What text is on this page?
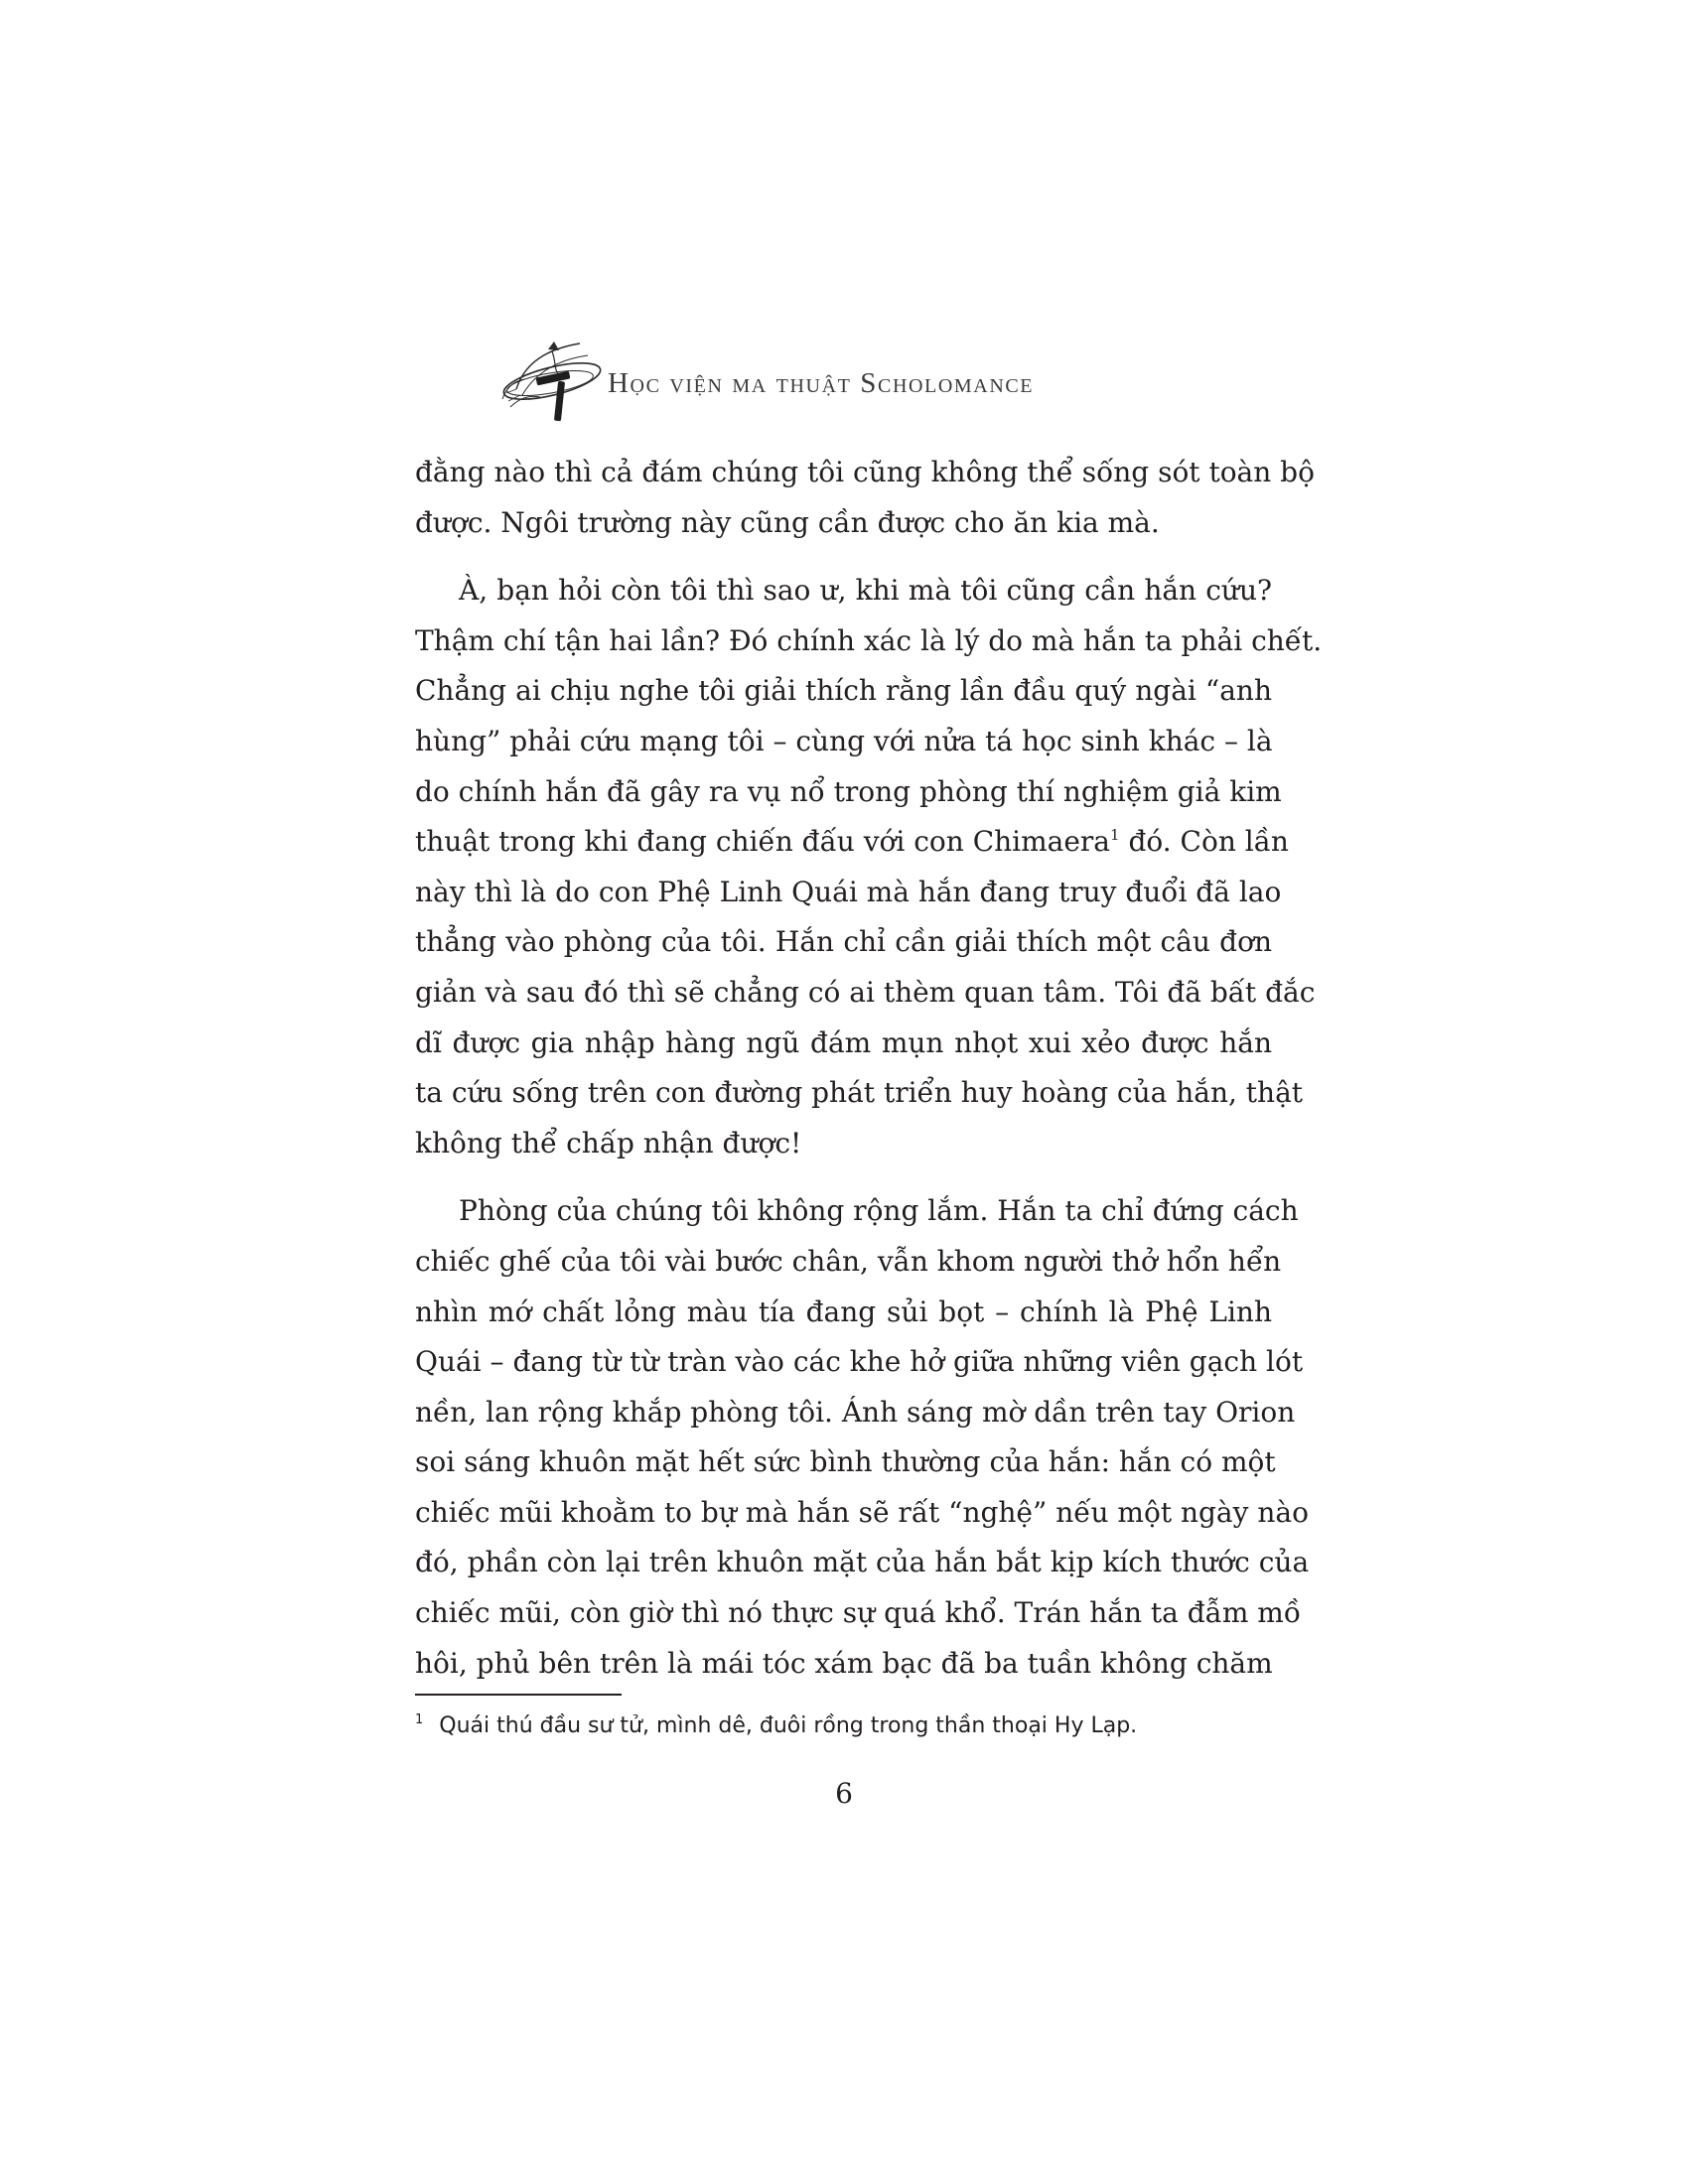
Học viện ma thuật Scholomance
đằng nào thì cả đám chúng tôi cũng không thể sống sót toàn bộ
được. Ngôi trường này cũng cần được cho ăn kia mà.
À, bạn hỏi còn tôi thì sao ư, khi mà tôi cũng cần hắn cứu?
Thậm chí tận hai lần? Đó chính xác là lý do mà hắn ta phải chết.
Chẳng ai chịu nghe tôi giải thích rằng lần đầu quý ngài “anh
hùng” phải cứu mạng tôi – cùng với nửa tá học sinh khác – là
do chính hắn đã gây ra vụ nổ trong phòng thí nghiệm giả kim
thuật trong khi đang chiến đấu với con Chimaera$^1$ đó. Còn lần
này thì là do con Phệ Linh Quái mà hắn đang truy đuổi đã lao
thẳng vào phòng của tôi. Hắn chỉ cần giải thích một câu đơn
giản và sau đó thì sẽ chẳng có ai thèm quan tâm. Tôi đã bất đắc
dĩ được gia nhập hàng ngũ đám mụn nhọt xui xẻo được hắn
ta cứu sống trên con đường phát triển huy hoàng của hắn, thật
không thể chấp nhận được!
Phòng của chúng tôi không rộng lắm. Hắn ta chỉ đứng cách
chiếc ghế của tôi vài bước chân, vẫn khom người thở hổn hển
nhìn mớ chất lỏng màu tía đang sủi bọt – chính là Phệ Linh
Quái – đang từ từ tràn vào các khe hở giữa những viên gạch lót
nền, lan rộng khắp phòng tôi. Ánh sáng mờ dần trên tay Orion
soi sáng khuôn mặt hết sức bình thường của hắn: hắn có một
chiếc mũi khoằm to bự mà hắn sẽ rất “nghệ” nếu một ngày nào
đó, phần còn lại trên khuôn mặt của hắn bắt kịp kích thước của
chiếc mũi, còn giờ thì nó thực sự quá khổ. Trán hắn ta đẫm mồ
hôi, phủ bên trên là mái tóc xám bạc đã ba tuần không chăm
$^1$ Quái thú đầu sư tử, mình dê, đuôi rồng trong thần thoại Hy Lạp.
6
